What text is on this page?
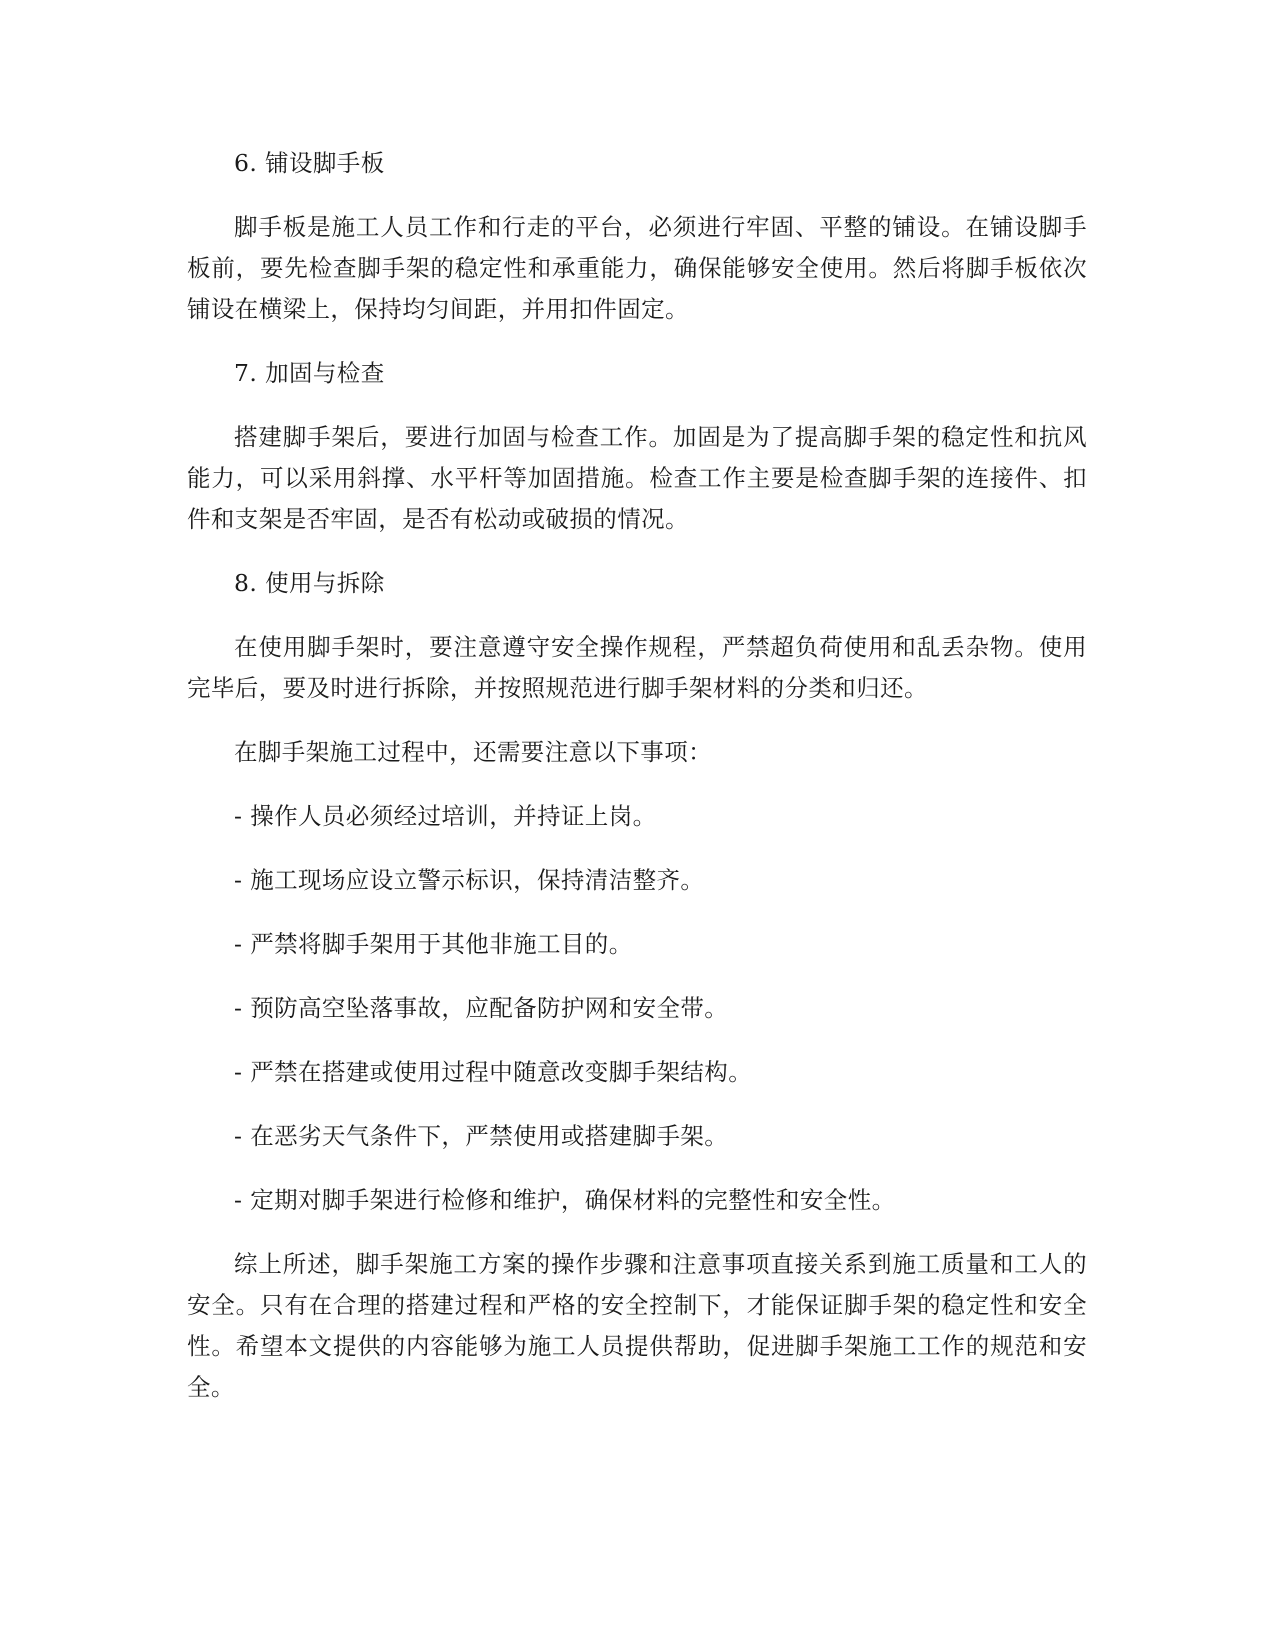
6. 铺设脚手板

脚手板是施工人员工作和行走的平台，必须进行牢固、平整的铺设。在铺设脚手板前，要先检查脚手架的稳定性和承重能力，确保能够安全使用。然后将脚手板依次铺设在横梁上，保持均匀间距，并用扣件固定。

7. 加固与检查

搭建脚手架后，要进行加固与检查工作。加固是为了提高脚手架的稳定性和抗风能力，可以采用斜撑、水平杆等加固措施。检查工作主要是检查脚手架的连接件、扣件和支架是否牢固，是否有松动或破损的情况。

8. 使用与拆除

在使用脚手架时，要注意遵守安全操作规程，严禁超负荷使用和乱丢杂物。使用完毕后，要及时进行拆除，并按照规范进行脚手架材料的分类和归还。

在脚手架施工过程中，还需要注意以下事项：

- 操作人员必须经过培训，并持证上岗。

- 施工现场应设立警示标识，保持清洁整齐。

- 严禁将脚手架用于其他非施工目的。

- 预防高空坠落事故，应配备防护网和安全带。

- 严禁在搭建或使用过程中随意改变脚手架结构。

- 在恶劣天气条件下，严禁使用或搭建脚手架。

- 定期对脚手架进行检修和维护，确保材料的完整性和安全性。

综上所述，脚手架施工方案的操作步骤和注意事项直接关系到施工质量和工人的安全。只有在合理的搭建过程和严格的安全控制下，才能保证脚手架的稳定性和安全性。希望本文提供的内容能够为施工人员提供帮助，促进脚手架施工工作的规范和安全。
